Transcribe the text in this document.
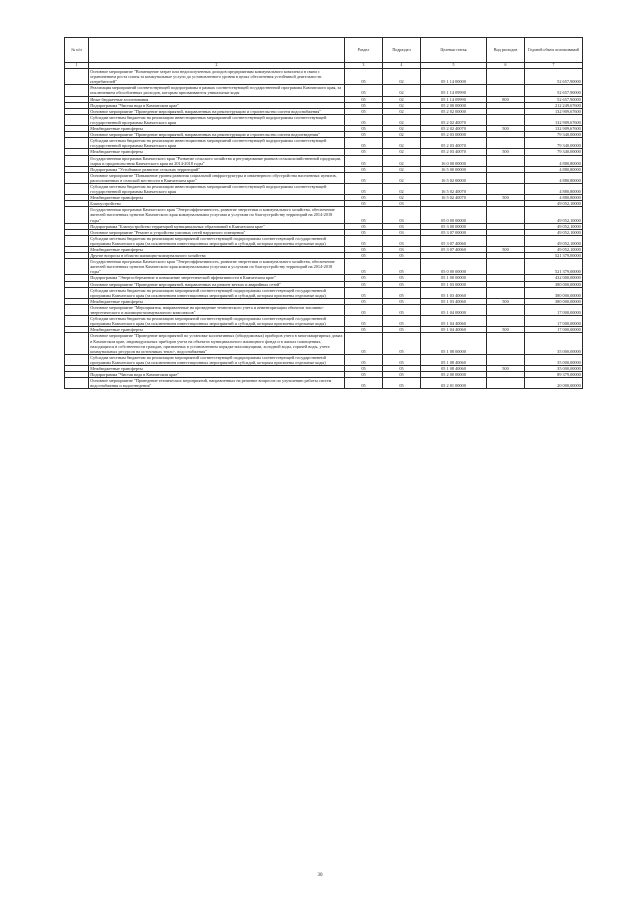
№ п/п		Раздел	Подраздел	Целевая статья	Вид расходов	Годовой объем ассигнований
1	2	3	4	5	6	7
	Основное мероприятие "Возмещение затрат или недополученных доходов предприятиям коммунального комплекса в связи с ограничением роста платы за коммунальные услуги до установленного уровня в целях обеспечения устойчивой деятельности потребителей"	05	02	05 1 14 00000		52 657,90000
	Реализация мероприятий соответствующей подпрограммы в рамках соответствующей государственной программы Камчатского края, за исключением обособленных расходов, которым присваиваются уникальные коды	05	02	05 1 14 09990		52 657,90000
	Иные бюджетные ассигнования	05	02	05 1 14 09990	800	52 657,90000
	Подпрограмма "Чистая вода в Камчатском крае"	05	02	05 2 00 00000		212 249,67600
	Основное мероприятие "Проведение мероприятий, направленных на реконструкцию и строительство систем водоснабжения"	05	02	05 2 02 00000		132 909,67600
	Субсидии местным бюджетам на реализацию инвестиционных мероприятий соответствующей подпрограммы соответствующей государственной программы Камчатского края	05	02	05 2 02 40070		132 909,67600
	Межбюджетные трансферты	05	02	05 2 02 40070	500	132 909,67600
	Основное мероприятие "Проведение мероприятий, направленных на реконструкцию и строительство систем водоотведения"	05	02	05 2 03 00000		79 340,00000
	Субсидии местным бюджетам на реализацию инвестиционных мероприятий соответствующей подпрограммы соответствующей государственной программы Камчатского края	05	02	05 2 03 40070		79 340,00000
	Межбюджетные трансферты	05	02	05 2 03 40070	500	79 340,00000
	Государственная программа Камчатского края "Развитие сельского хозяйства и регулирование рынков сельскохозяйственной продукции, сырья и продовольствия Камчатского края на 2014-2018 годы"	05	02	16 0 00 00000		4 880,80000
	Подпрограмма "Устойчивое развитие сельских территорий"	05	02	16 5 00 00000		4 880,80000
	Основное мероприятие "Повышение уровня развития социальной инфраструктуры и инженерного обустройства населенных пунктов, расположенных в сельской местности в Камчатском крае"	05	02	16 5 02 00000		4 880,80000
	Субсидии местным бюджетам на реализацию инвестиционных мероприятий соответствующей подпрограммы соответствующей государственной программы Камчатского края	05	02	16 5 02 40070		4 880,80000
	Межбюджетные трансферты	05	02	16 5 02 40070	500	4 880,80000
	Благоустройство	05	03			49 052,10000
	Государственная программа Камчатского края "Энергоэффективность, развитие энергетики и коммунального хозяйства, обеспечение жителей населенных пунктов Камчатского края коммунальными услугами и услугами по благоустройству территорий на 2014-2018 годы"	05	03	05 0 00 00000		49 052,10000
	Подпрограмма "Благоустройство территорий муниципальных образований в Камчатском крае"	05	03	05 3 00 00000		49 052,10000
	Основное мероприятие "Ремонт и устройство уличных сетей наружного освещения"	05	03	05 3 07 00000		49 052,10000
	Субсидии местным бюджетам на реализацию мероприятий соответствующей подпрограммы соответствующей государственной программы Камчатского края (за исключением инвестиционных мероприятий и субсидий, которым присвоены отдельные коды)	05	03	05 3 07 40060		49 052,10000
	Межбюджетные трансферты	05	03	05 3 07 40060	500	49 052,10000
	Другие вопросы в области жилищно-коммунального хозяйства	05	05			521 379,00000
	Государственная программа Камчатского края "Энергоэффективность, развитие энергетики и коммунального хозяйства, обеспечение жителей населенных пунктов Камчатского края коммунальными услугами и услугами по благоустройству территорий на 2014-2018 годы"	05	05	05 0 00 00000		521 379,00000
	Подпрограмма "Энергосбережение и повышение энергетической эффективности в Камчатском крае"	05	05	05 1 00 00000		432 000,00000
	Основное мероприятие "Проведение мероприятий, направленных на ремонт ветхих и аварийных сетей"	05	05	05 1 03 00000		380 000,00000
	Субсидии местным бюджетам на реализацию мероприятий соответствующей подпрограммы соответствующей государственной программы Камчатского края (за исключением инвестиционных мероприятий и субсидий, которым присвоены отдельные коды)	05	05	05 1 03 40060		380 000,00000
	Межбюджетные трансферты	05	05	05 1 03 40060	500	380 000,00000
	Основное мероприятие "Мероприятия, направленные на проведение технического учета и инвентаризации объектов топливно-энергетического и жилищно-коммунального комплексов"	05	05	05 1 04 00000		17 000,00000
	Субсидии местным бюджетам на реализацию мероприятий соответствующей подпрограммы соответствующей государственной программы Камчатского края (за исключением инвестиционных мероприятий и субсидий, которым присвоены отдельные коды)	05	05	05 1 04 40060		17 000,00000
	Межбюджетные трансферты	05	05	05 1 04 40060	500	17 000,00000
	Основное мероприятие "Проведение мероприятий по установке коллективных (общедомовых) приборов учета в многоквартирных домах в Камчатском крае, индивидуальных приборов учета на объектах муниципального жилищного фонда и в жилых помещениях, находящихся в собственности граждан, признанных в установленном порядке малоимущими, холодной воды, горячей воды, учета коммунальных ресурсов на источниках тепло-, водоснабжения"	05	05	05 1 08 00000		35 000,00000
	Субсидии местным бюджетам на реализацию мероприятий соответствующей подпрограммы соответствующей государственной программы Камчатского края (за исключением инвестиционных мероприятий и субсидий, которым присвоены отдельные коды)	05	05	05 1 08 40060		35 000,00000
	Межбюджетные трансферты	05	05	05 1 08 40060	500	35 000,00000
	Подпрограмма "Чистая вода в Камчатском крае"	05	05	05 2 00 00000		89 379,00000
	Основное мероприятие "Проведение технических мероприятий, направленных на решение вопросов по улучшению работы систем водоснабжения и водоотведения"	05	05	05 2 01 00000		20 000,00000
30
